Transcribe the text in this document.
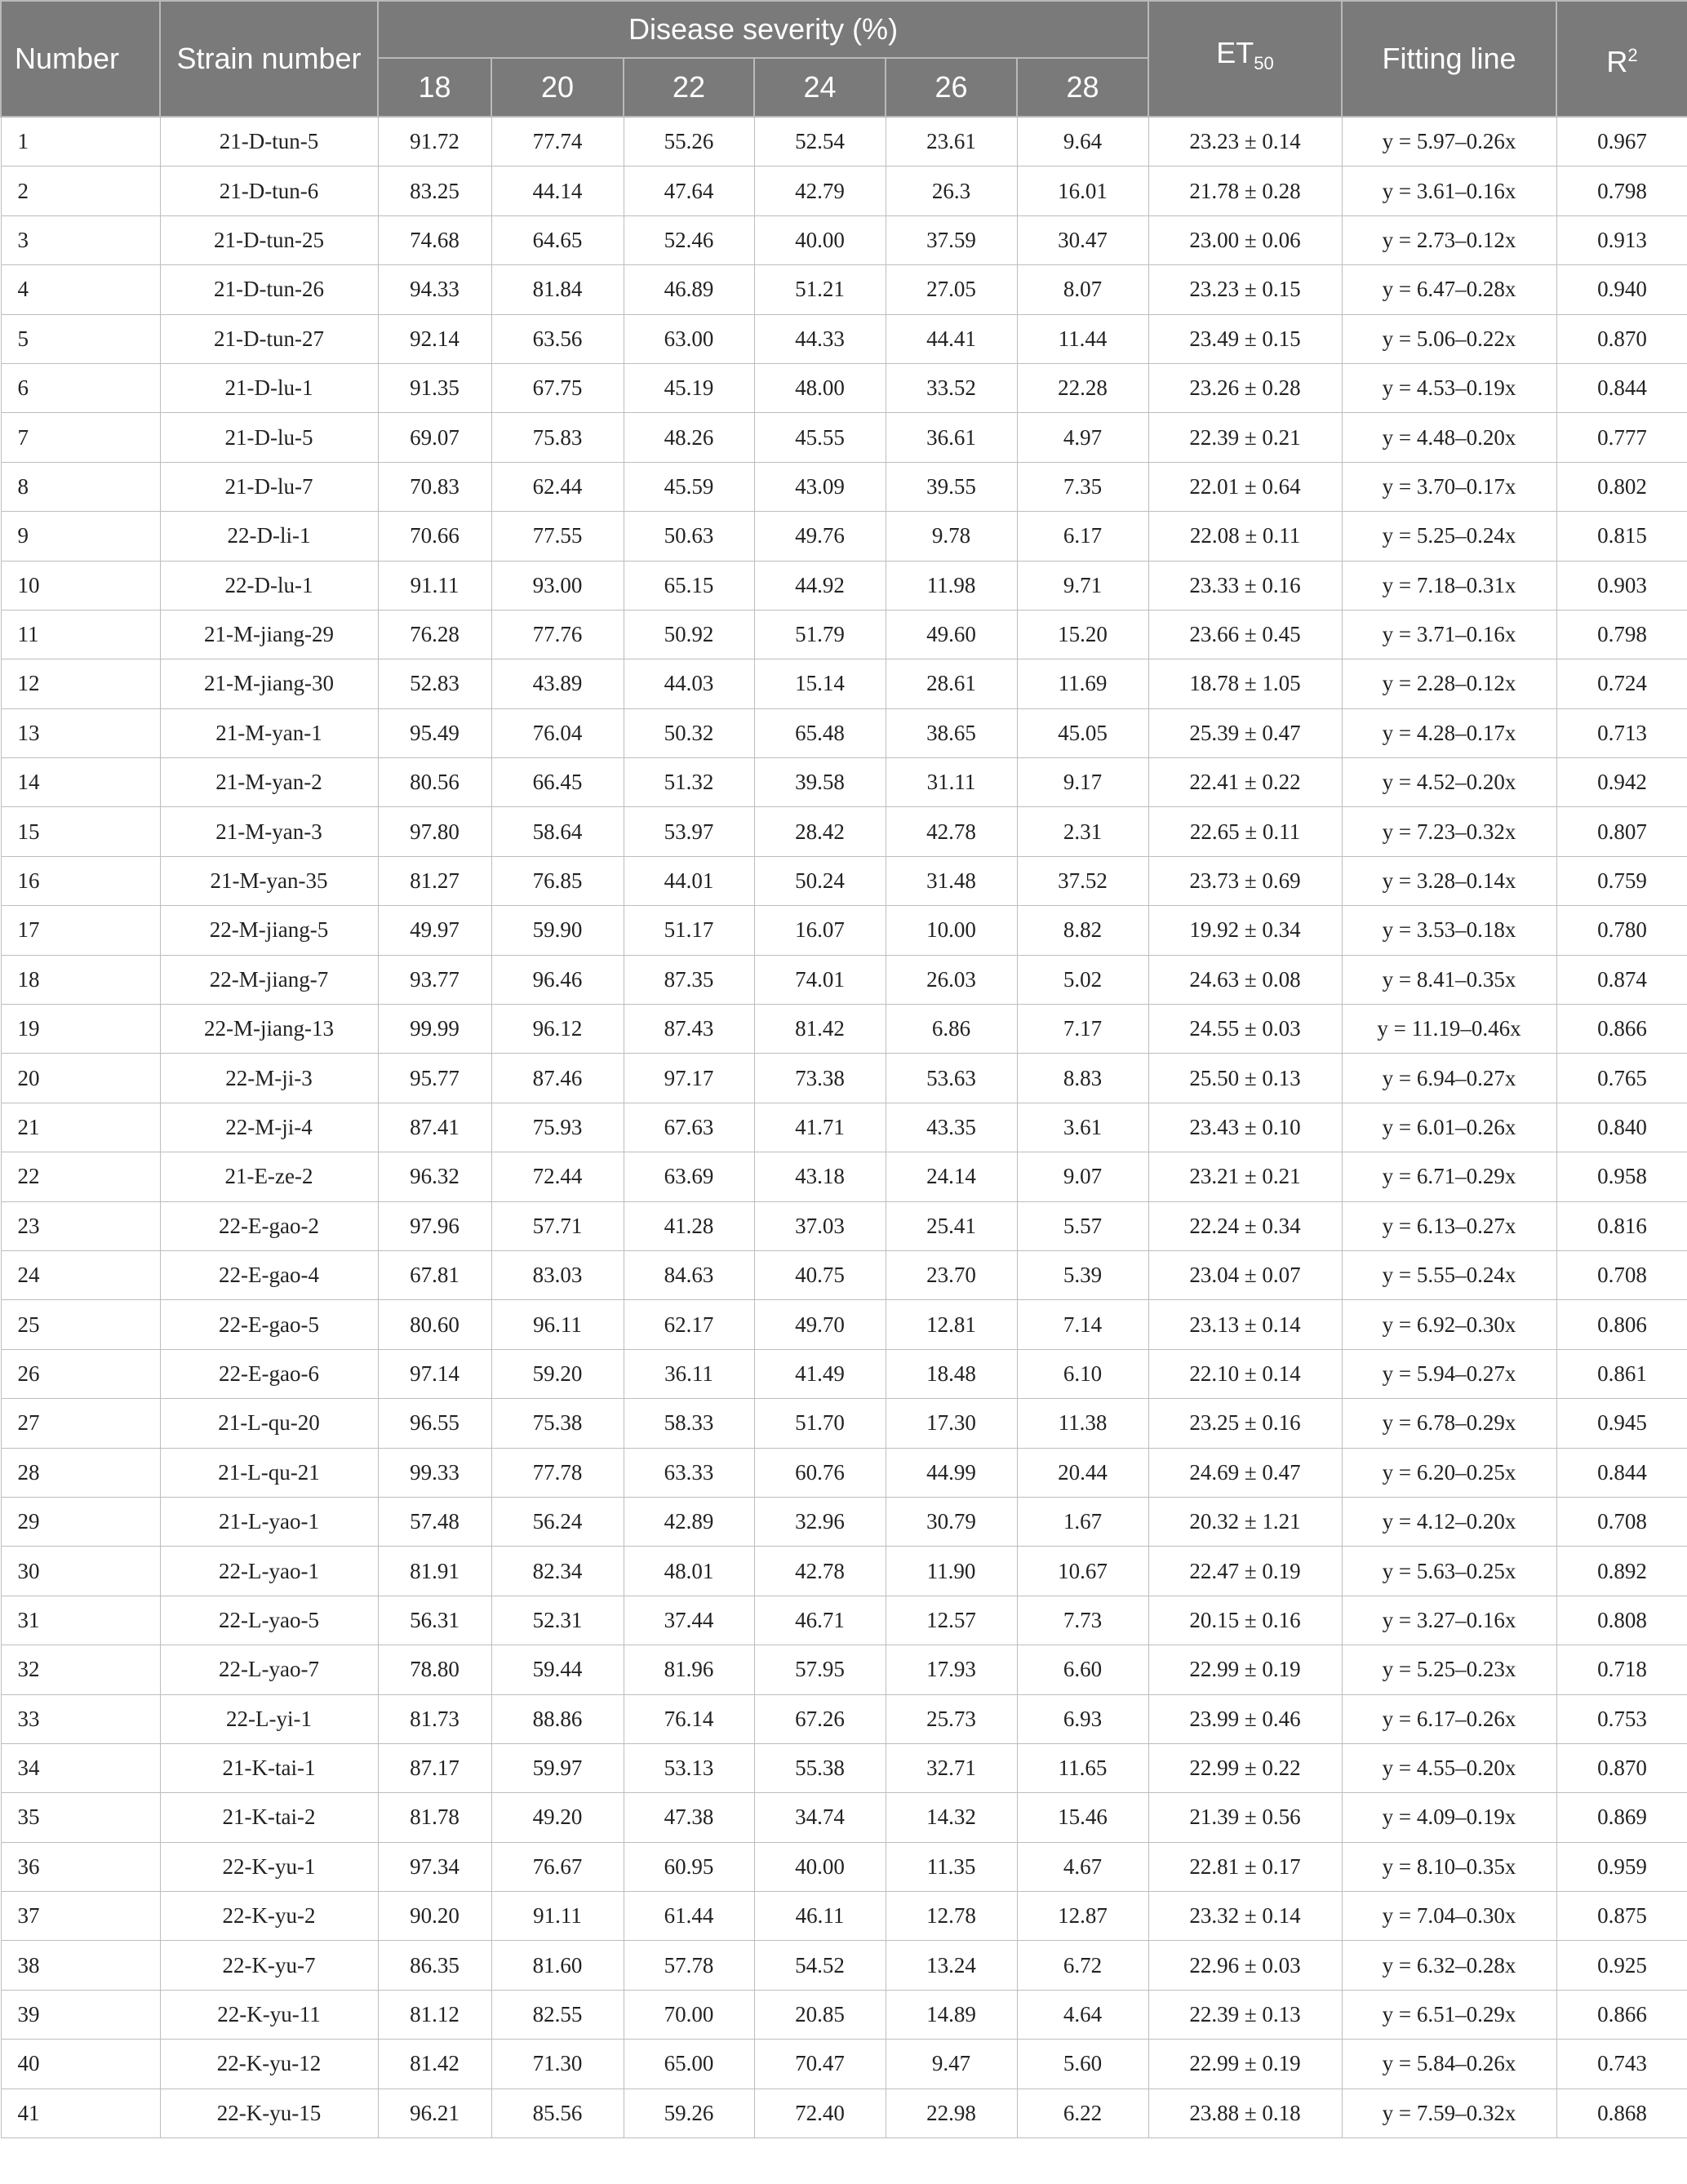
Number	Strain number	Disease severity (%)						$ET_{50}$	Fitting line	$R^2$
		18	20	22	24	26	28			
1	21-D-tun-5	91.72	77.74	55.26	52.54	23.61	9.64	23.23 ± 0.14	y = 5.97–0.26x	0.967
2	21-D-tun-6	83.25	44.14	47.64	42.79	26.3	16.01	21.78 ± 0.28	y = 3.61–0.16x	0.798
3	21-D-tun-25	74.68	64.65	52.46	40.00	37.59	30.47	23.00 ± 0.06	y = 2.73–0.12x	0.913
4	21-D-tun-26	94.33	81.84	46.89	51.21	27.05	8.07	23.23 ± 0.15	y = 6.47–0.28x	0.940
5	21-D-tun-27	92.14	63.56	63.00	44.33	44.41	11.44	23.49 ± 0.15	y = 5.06–0.22x	0.870
6	21-D-lu-1	91.35	67.75	45.19	48.00	33.52	22.28	23.26 ± 0.28	y = 4.53–0.19x	0.844
7	21-D-lu-5	69.07	75.83	48.26	45.55	36.61	4.97	22.39 ± 0.21	y = 4.48–0.20x	0.777
8	21-D-lu-7	70.83	62.44	45.59	43.09	39.55	7.35	22.01 ± 0.64	y = 3.70–0.17x	0.802
9	22-D-li-1	70.66	77.55	50.63	49.76	9.78	6.17	22.08 ± 0.11	y = 5.25–0.24x	0.815
10	22-D-lu-1	91.11	93.00	65.15	44.92	11.98	9.71	23.33 ± 0.16	y = 7.18–0.31x	0.903
11	21-M-jiang-29	76.28	77.76	50.92	51.79	49.60	15.20	23.66 ± 0.45	y = 3.71–0.16x	0.798
12	21-M-jiang-30	52.83	43.89	44.03	15.14	28.61	11.69	18.78 ± 1.05	y = 2.28–0.12x	0.724
13	21-M-yan-1	95.49	76.04	50.32	65.48	38.65	45.05	25.39 ± 0.47	y = 4.28–0.17x	0.713
14	21-M-yan-2	80.56	66.45	51.32	39.58	31.11	9.17	22.41 ± 0.22	y = 4.52–0.20x	0.942
15	21-M-yan-3	97.80	58.64	53.97	28.42	42.78	2.31	22.65 ± 0.11	y = 7.23–0.32x	0.807
16	21-M-yan-35	81.27	76.85	44.01	50.24	31.48	37.52	23.73 ± 0.69	y = 3.28–0.14x	0.759
17	22-M-jiang-5	49.97	59.90	51.17	16.07	10.00	8.82	19.92 ± 0.34	y = 3.53–0.18x	0.780
18	22-M-jiang-7	93.77	96.46	87.35	74.01	26.03	5.02	24.63 ± 0.08	y = 8.41–0.35x	0.874
19	22-M-jiang-13	99.99	96.12	87.43	81.42	6.86	7.17	24.55 ± 0.03	y = 11.19–0.46x	0.866
20	22-M-ji-3	95.77	87.46	97.17	73.38	53.63	8.83	25.50 ± 0.13	y = 6.94–0.27x	0.765
21	22-M-ji-4	87.41	75.93	67.63	41.71	43.35	3.61	23.43 ± 0.10	y = 6.01–0.26x	0.840
22	21-E-ze-2	96.32	72.44	63.69	43.18	24.14	9.07	23.21 ± 0.21	y = 6.71–0.29x	0.958
23	22-E-gao-2	97.96	57.71	41.28	37.03	25.41	5.57	22.24 ± 0.34	y = 6.13–0.27x	0.816
24	22-E-gao-4	67.81	83.03	84.63	40.75	23.70	5.39	23.04 ± 0.07	y = 5.55–0.24x	0.708
25	22-E-gao-5	80.60	96.11	62.17	49.70	12.81	7.14	23.13 ± 0.14	y = 6.92–0.30x	0.806
26	22-E-gao-6	97.14	59.20	36.11	41.49	18.48	6.10	22.10 ± 0.14	y = 5.94–0.27x	0.861
27	21-L-qu-20	96.55	75.38	58.33	51.70	17.30	11.38	23.25 ± 0.16	y = 6.78–0.29x	0.945
28	21-L-qu-21	99.33	77.78	63.33	60.76	44.99	20.44	24.69 ± 0.47	y = 6.20–0.25x	0.844
29	21-L-yao-1	57.48	56.24	42.89	32.96	30.79	1.67	20.32 ± 1.21	y = 4.12–0.20x	0.708
30	22-L-yao-1	81.91	82.34	48.01	42.78	11.90	10.67	22.47 ± 0.19	y = 5.63–0.25x	0.892
31	22-L-yao-5	56.31	52.31	37.44	46.71	12.57	7.73	20.15 ± 0.16	y = 3.27–0.16x	0.808
32	22-L-yao-7	78.80	59.44	81.96	57.95	17.93	6.60	22.99 ± 0.19	y = 5.25–0.23x	0.718
33	22-L-yi-1	81.73	88.86	76.14	67.26	25.73	6.93	23.99 ± 0.46	y = 6.17–0.26x	0.753
34	21-K-tai-1	87.17	59.97	53.13	55.38	32.71	11.65	22.99 ± 0.22	y = 4.55–0.20x	0.870
35	21-K-tai-2	81.78	49.20	47.38	34.74	14.32	15.46	21.39 ± 0.56	y = 4.09–0.19x	0.869
36	22-K-yu-1	97.34	76.67	60.95	40.00	11.35	4.67	22.81 ± 0.17	y = 8.10–0.35x	0.959
37	22-K-yu-2	90.20	91.11	61.44	46.11	12.78	12.87	23.32 ± 0.14	y = 7.04–0.30x	0.875
38	22-K-yu-7	86.35	81.60	57.78	54.52	13.24	6.72	22.96 ± 0.03	y = 6.32–0.28x	0.925
39	22-K-yu-11	81.12	82.55	70.00	20.85	14.89	4.64	22.39 ± 0.13	y = 6.51–0.29x	0.866
40	22-K-yu-12	81.42	71.30	65.00	70.47	9.47	5.60	22.99 ± 0.19	y = 5.84–0.26x	0.743
41	22-K-yu-15	96.21	85.56	59.26	72.40	22.98	6.22	23.88 ± 0.18	y = 7.59–0.32x	0.868
